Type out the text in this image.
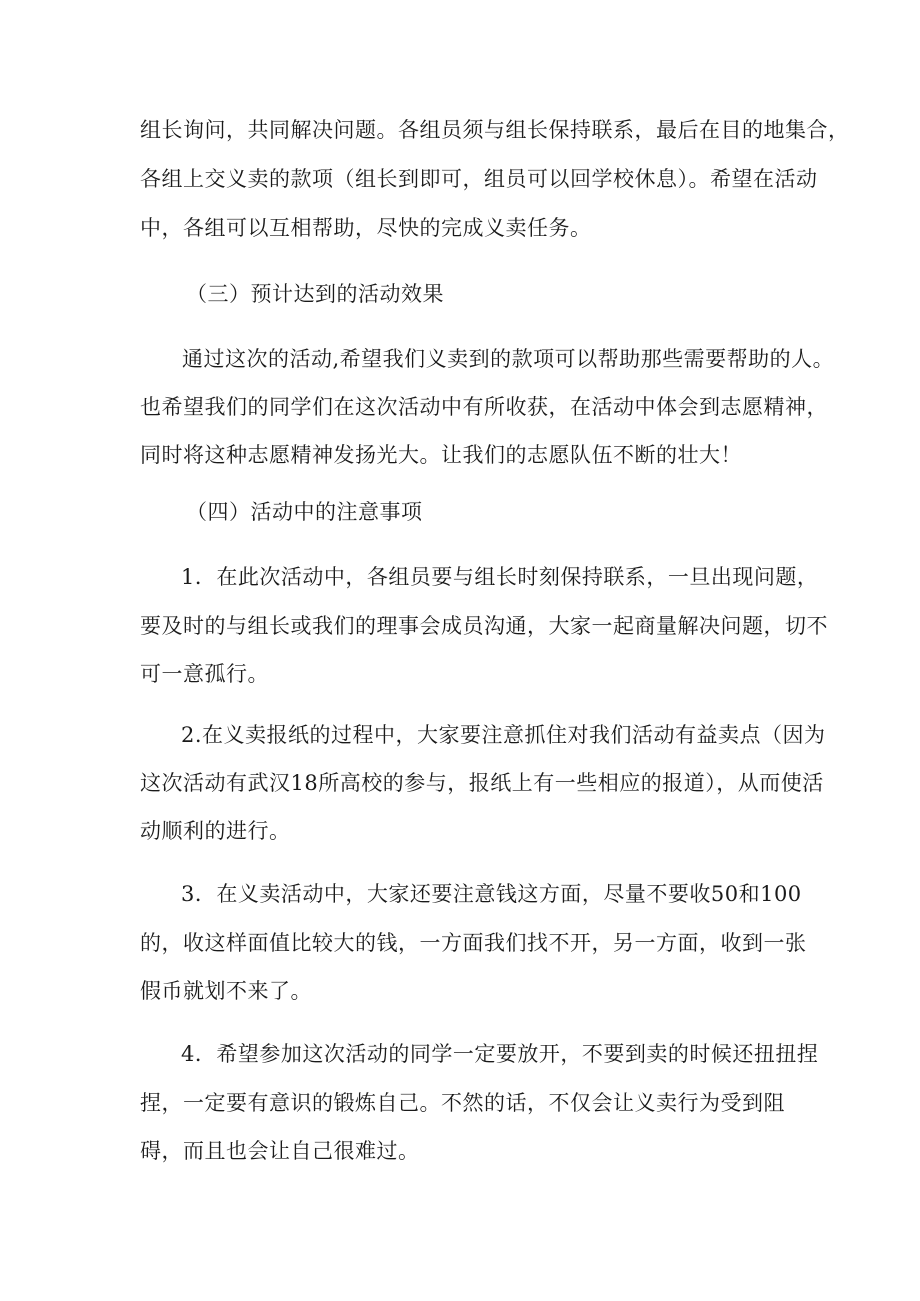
组长询问，共同解决问题。各组员须与组长保持联系，最后在目的地集合，
各组上交义卖的款项（组长到即可，组员可以回学校休息）。希望在活动
中，各组可以互相帮助，尽快的完成义卖任务。
（三）预计达到的活动效果
通过这次的活动,希望我们义卖到的款项可以帮助那些需要帮助的人。
也希望我们的同学们在这次活动中有所收获，在活动中体会到志愿精神，
同时将这种志愿精神发扬光大。让我们的志愿队伍不断的壮大！
（四）活动中的注意事项
1．在此次活动中，各组员要与组长时刻保持联系，一旦出现问题，
要及时的与组长或我们的理事会成员沟通，大家一起商量解决问题，切不
可一意孤行。
2.在义卖报纸的过程中，大家要注意抓住对我们活动有益卖点（因为
这次活动有武汉18所高校的参与，报纸上有一些相应的报道），从而使活
动顺利的进行。
3．在义卖活动中，大家还要注意钱这方面，尽量不要收50和100
的，收这样面值比较大的钱，一方面我们找不开，另一方面，收到一张
假币就划不来了。
4．希望参加这次活动的同学一定要放开，不要到卖的时候还扭扭捏
捏，一定要有意识的锻炼自己。不然的话，不仅会让义卖行为受到阻
碍，而且也会让自己很难过。
